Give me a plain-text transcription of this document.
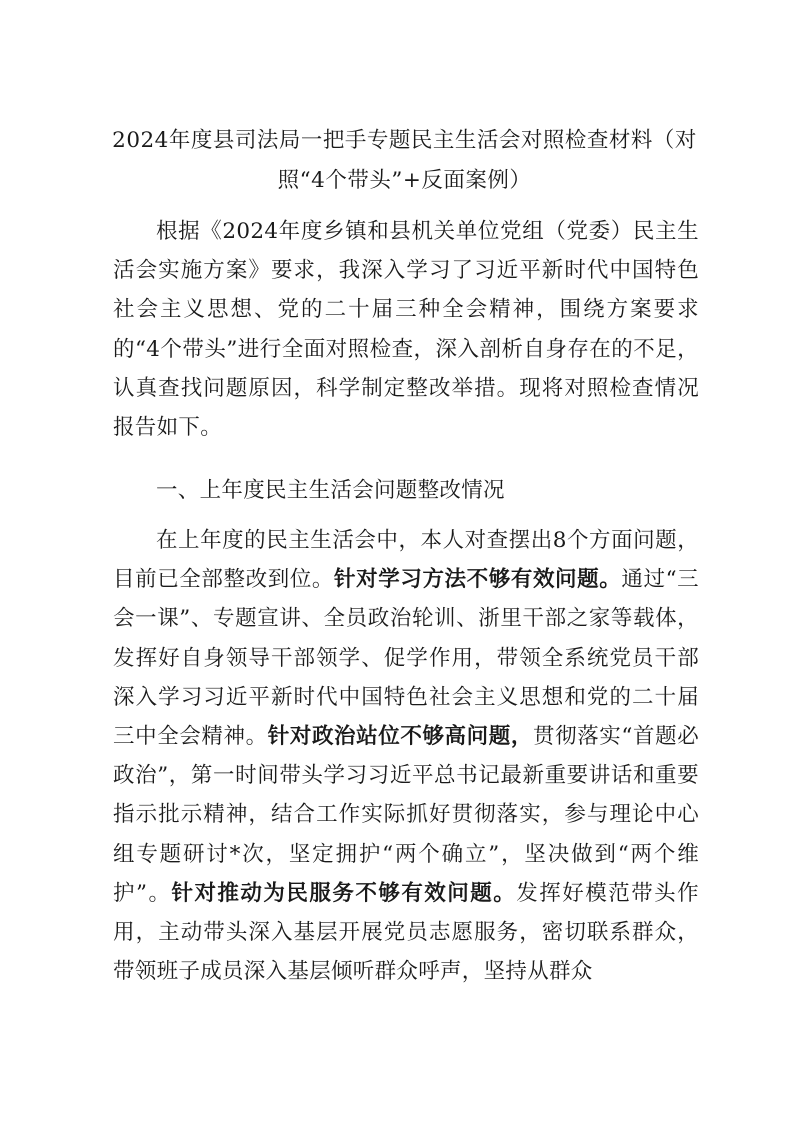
2024年度县司法局一把手专题民主生活会对照检查材料（对照“4个带头”+反面案例）
根据《2024年度乡镇和县机关单位党组（党委）民主生活会实施方案》要求，我深入学习了习近平新时代中国特色社会主义思想、党的二十届三种全会精神，围绕方案要求的“4个带头”进行全面对照检查，深入剖析自身存在的不足，认真查找问题原因，科学制定整改举措。现将对照检查情况报告如下。
一、上年度民主生活会问题整改情况
在上年度的民主生活会中，本人对查摆出8个方面问题，目前已全部整改到位。针对学习方法不够有效问题。通过“三会一课”、专题宣讲、全员政治轮训、浙里干部之家等载体，发挥好自身领导干部领学、促学作用，带领全系统党员干部深入学习习近平新时代中国特色社会主义思想和党的二十届三中全会精神。针对政治站位不够高问题，贯彻落实“首题必政治”，第一时间带头学习习近平总书记最新重要讲话和重要指示批示精神，结合工作实际抓好贯彻落实，参与理论中心组专题研讨*次，坚定拥护“两个确立”，坚决做到“两个维护”。针对推动为民服务不够有效问题。发挥好模范带头作用，主动带头深入基层开展党员志愿服务，密切联系群众，带领班子成员深入基层倾听群众呼声，坚持从群众
